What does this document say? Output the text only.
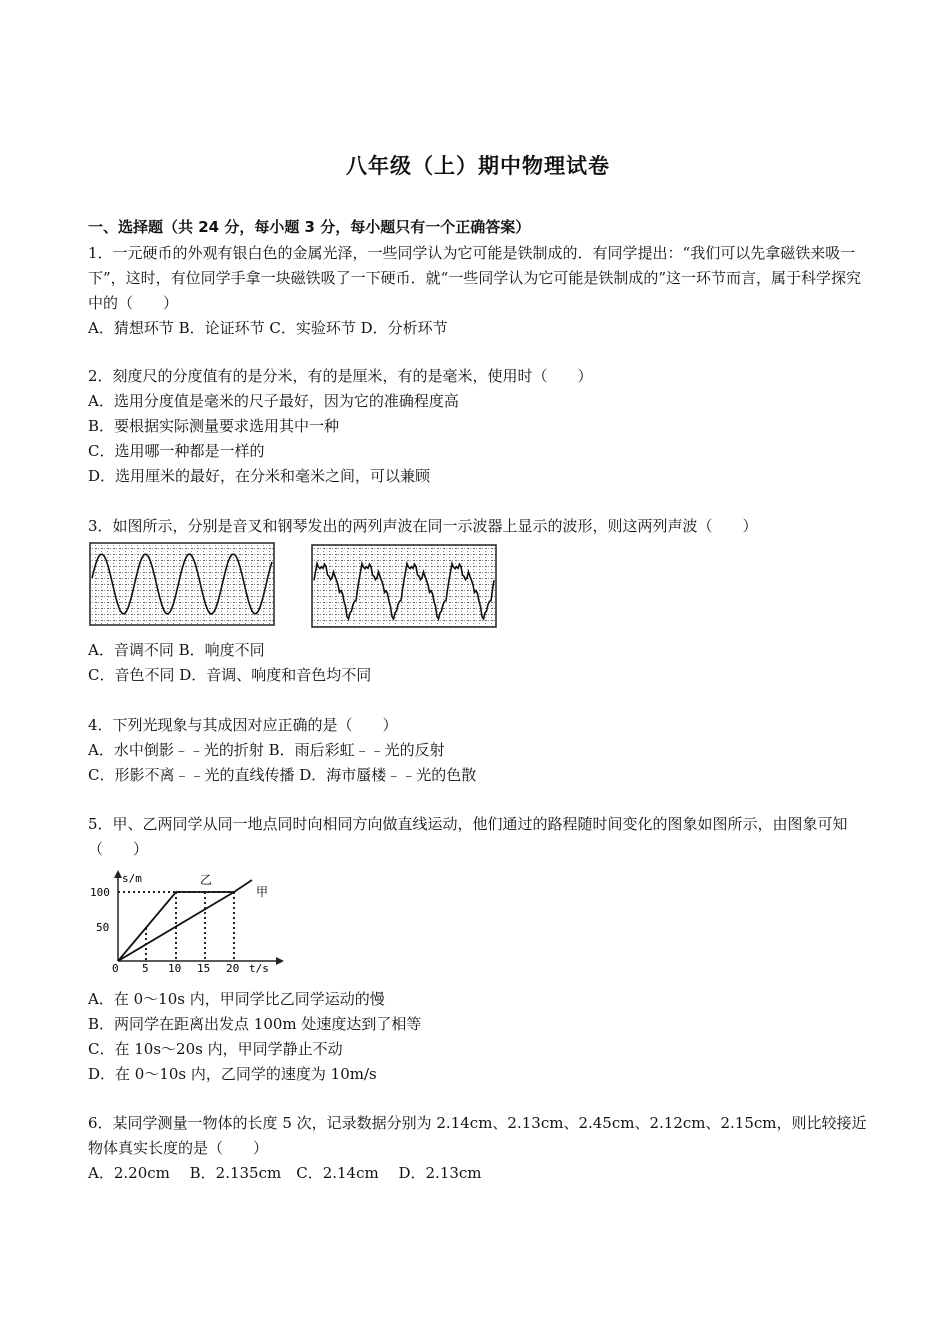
八年级（上）期中物理试卷
一、选择题（共 24 分，每小题 3 分，每小题只有一个正确答案）

1．一元硬币的外观有银白色的金属光泽，一些同学认为它可能是铁制成的．有同学提出：“我们可以先拿磁铁来吸一下”，这时，有位同学手拿一块磁铁吸了一下硬币．就“一些同学认为它可能是铁制成的”这一环节而言，属于科学探究中的（　　）

A．猜想环节 B．论证环节 C．实验环节 D．分析环节

2．刻度尺的分度值有的是分米，有的是厘米，有的是毫米，使用时（　　）

A．选用分度值是毫米的尺子最好，因为它的准确程度高

B．要根据实际测量要求选用其中一种

C．选用哪一种都是一样的

D．选用厘米的最好，在分米和毫米之间，可以兼顾

3．如图所示，分别是音叉和钢琴发出的两列声波在同一示波器上显示的波形，则这两列声波（　　）

A．音调不同 B．响度不同

C．音色不同 D．音调、响度和音色均不同

4．下列光现象与其成因对应正确的是（　　）

A．水中倒影﹣﹣光的折射 B．雨后彩虹﹣﹣光的反射

C．形影不离﹣﹣光的直线传播 D．海市蜃楼﹣﹣光的色散

5．甲、乙两同学从同一地点同时向相同方向做直线运动，他们通过的路程随时间变化的图象如图所示，由图象可知（　　）

A．在 0～10s 内，甲同学比乙同学运动的慢

B．两同学在距离出发点 100m 处速度达到了相等

C．在 10s～20s 内，甲同学静止不动

D．在 0～10s 内，乙同学的速度为 10m/s

6．某同学测量一物体的长度 5 次，记录数据分别为 2.14cm、2.13cm、2.45cm、2.12cm、2.15cm，则比较接近物体真实长度的是（　　）

A．2.20cm　 B．2.135cm　C．2.14cm　 D．2.13cm

s/m
100
50
0 5 10 15 20 t/s
乙
甲
